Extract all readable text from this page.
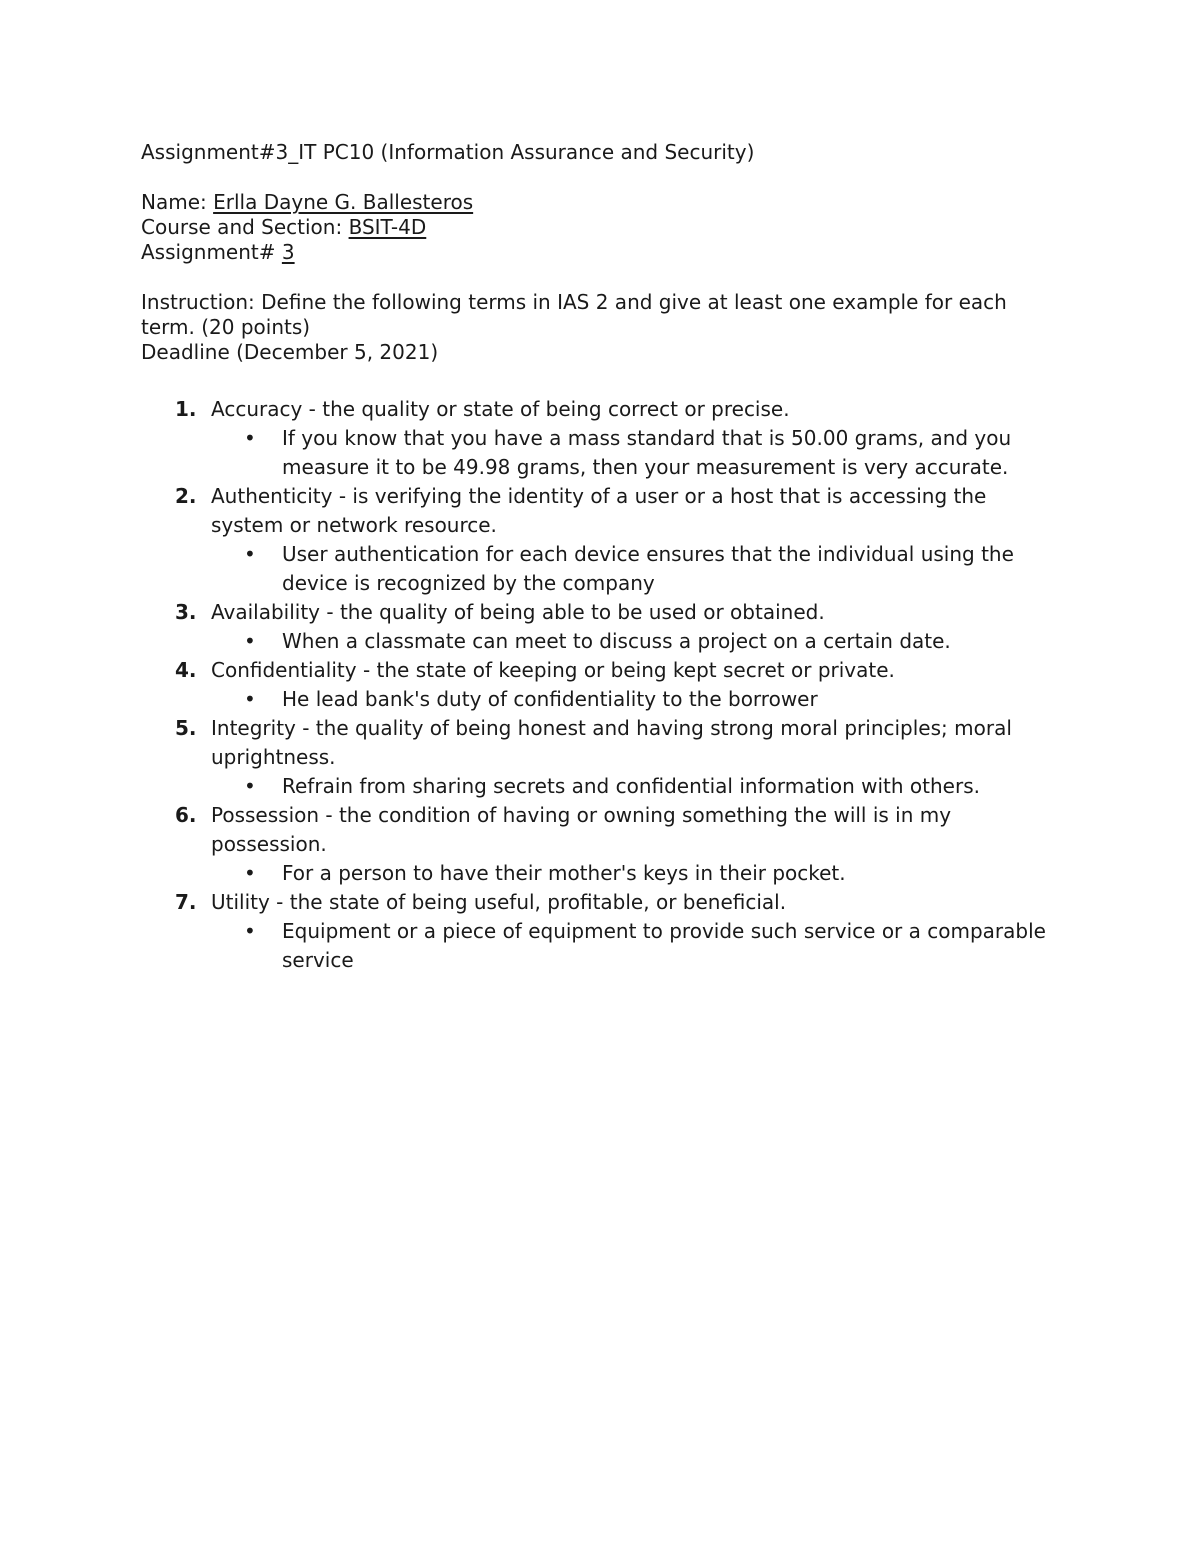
Assignment#3_IT PC10 (Information Assurance and Security)

Name: Erlla Dayne G. Ballesteros

Course and Section: BSIT-4D

Assignment# 3

Instruction: Define the following terms in IAS 2 and give at least one example for each term. (20 points)

Deadline (December 5, 2021)

1. Accuracy - the quality or state of being correct or precise.
• If you know that you have a mass standard that is 50.00 grams, and you measure it to be 49.98 grams, then your measurement is very accurate.
2. Authenticity - is verifying the identity of a user or a host that is accessing the system or network resource.
• User authentication for each device ensures that the individual using the device is recognized by the company
3. Availability - the quality of being able to be used or obtained.
• When a classmate can meet to discuss a project on a certain date.
4. Confidentiality - the state of keeping or being kept secret or private.
• He lead bank's duty of confidentiality to the borrower
5. Integrity - the quality of being honest and having strong moral principles; moral uprightness.
• Refrain from sharing secrets and confidential information with others.
6. Possession - the condition of having or owning something the will is in my possession.
• For a person to have their mother's keys in their pocket.
7. Utility - the state of being useful, profitable, or beneficial.
• Equipment or a piece of equipment to provide such service or a comparable service
